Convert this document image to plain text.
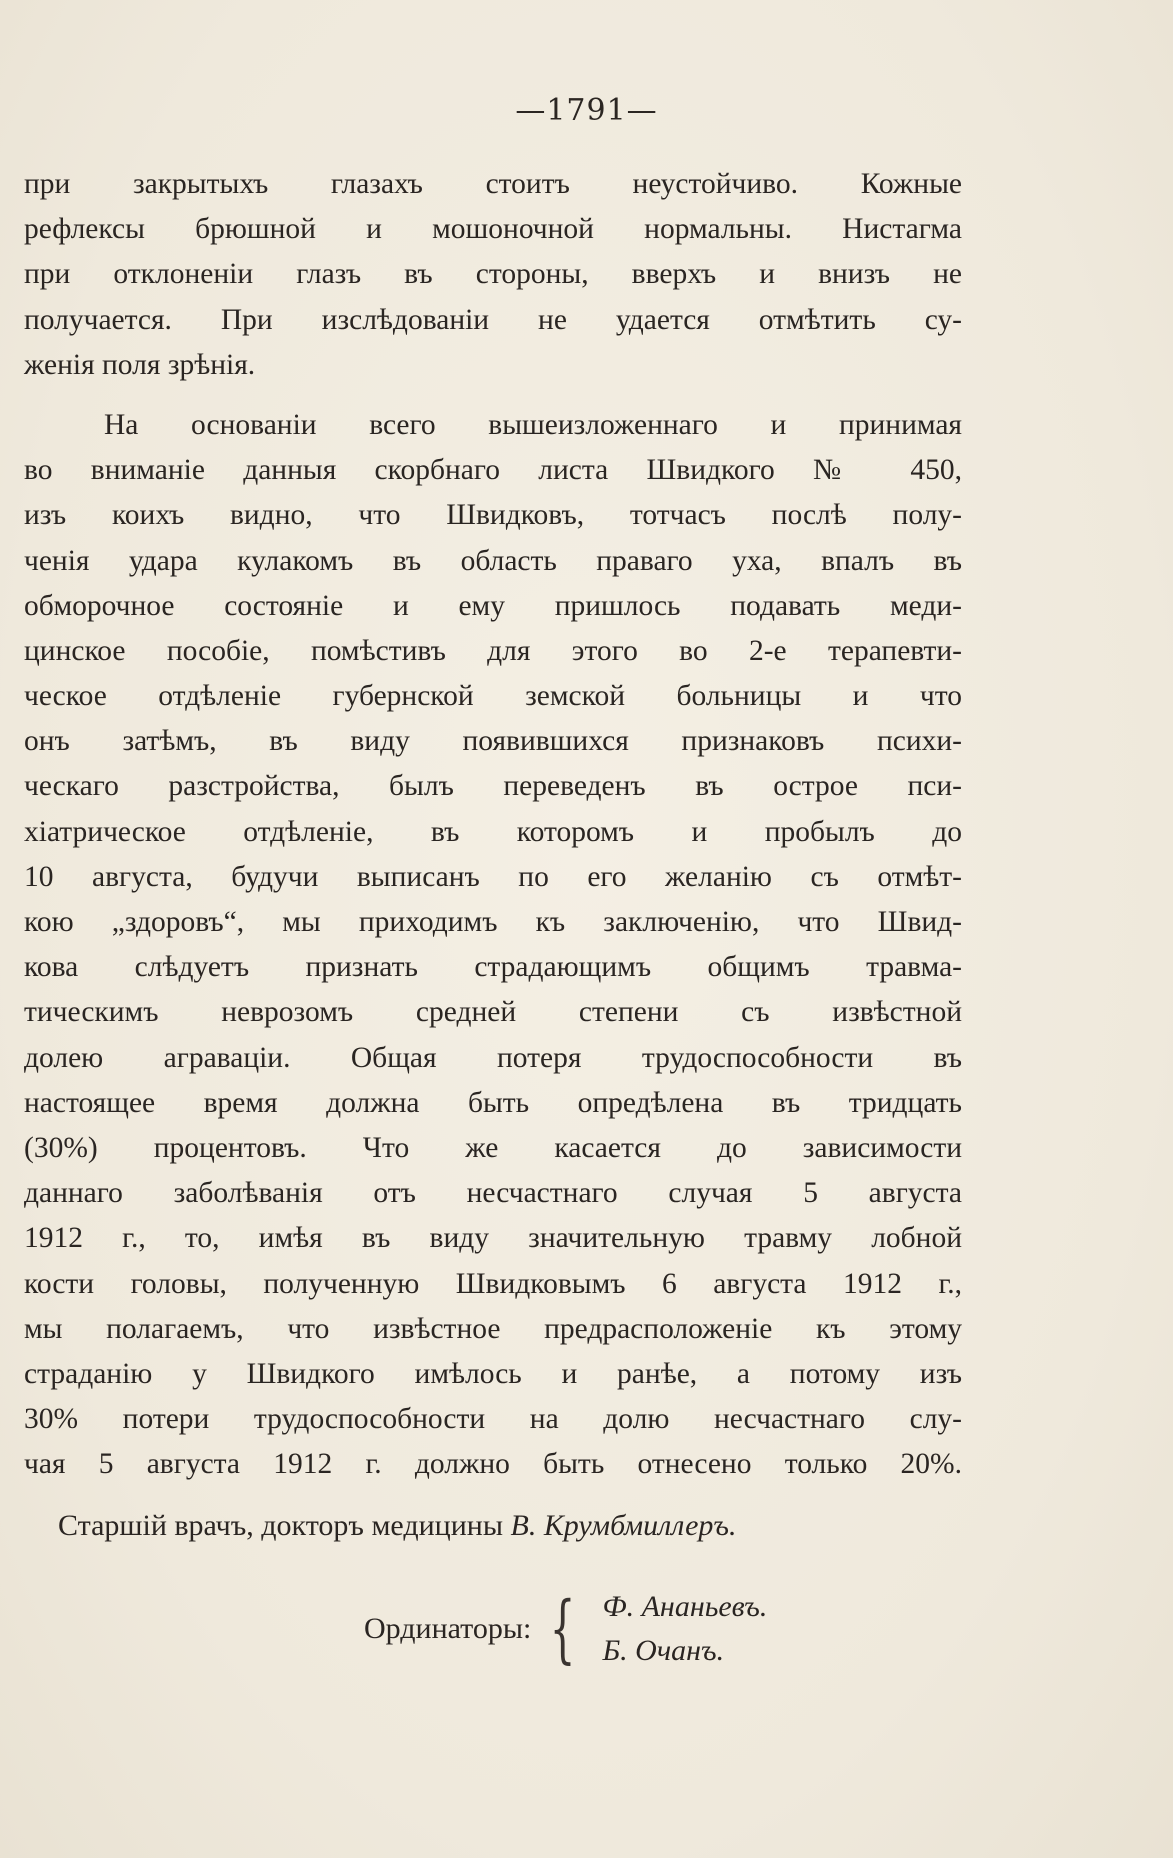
—1791—
при закрытыхъ глазахъ стоитъ неустойчиво. Кожные
рефлексы брюшной и мошоночной нормальны. Нистагма
при отклоненіи глазъ въ стороны, вверхъ и внизъ не
получается. При изслѣдованіи не удается отмѣтить су-
женія поля зрѣнія.
На основаніи всего вышеизложеннаго и принимая
во вниманіе данныя скорбнаго листа Швидкого № 450,
изъ коихъ видно, что Швидковъ, тотчасъ послѣ полу-
ченія удара кулакомъ въ область праваго уха, впалъ въ
обморочное состояніе и ему пришлось подавать меди-
цинское пособіе, помѣстивъ для этого во 2-е терапевти-
ческое отдѣленіе губернской земской больницы и что
онъ затѣмъ, въ виду появившихся признаковъ психи-
ческаго разстройства, былъ переведенъ въ острое пси-
хіатрическое отдѣленіе, въ которомъ и пробылъ до
10 августа, будучи выписанъ по его желанію съ отмѣт-
кою „здоровъ“, мы приходимъ къ заключенію, что Швид-
кова слѣдуетъ признать страдающимъ общимъ травма-
тическимъ неврозомъ средней степени съ извѣстной
долею аграваціи. Общая потеря трудоспособности въ
настоящее время должна быть опредѣлена въ тридцать
(30%) процентовъ. Что же касается до зависимости
даннаго заболѣванія отъ несчастнаго случая 5 августа
1912 г., то, имѣя въ виду значительную травму лобной
кости головы, полученную Швидковымъ 6 августа 1912 г.,
мы полагаемъ, что извѣстное предрасположеніе къ этому
страданію у Швидкого имѣлось и ранѣе, а потому изъ
30% потери трудоспособности на долю несчастнаго слу-
чая 5 августа 1912 г. должно быть отнесено только 20%.
Старшій врачъ, докторъ медицины В. Крумбмиллеръ.
Ординаторы: { Ф. Ананьевъ.
Б. Очанъ.
